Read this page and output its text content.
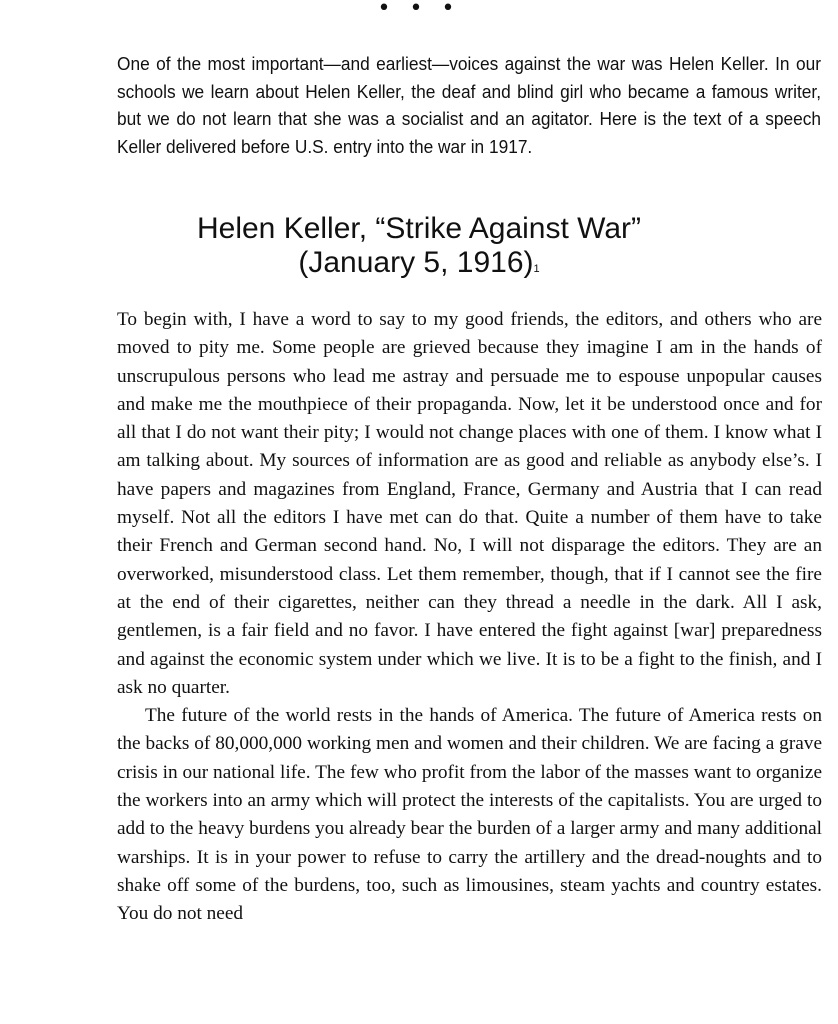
• • •

One of the most important—and earliest—voices against the war was Helen Keller. In our schools we learn about Helen Keller, the deaf and blind girl who became a famous writer, but we do not learn that she was a socialist and an agitator. Here is the text of a speech Keller delivered before U.S. entry into the war in 1917.

Helen Keller, “Strike Against War”
(January 5, 1916)$^1$

To begin with, I have a word to say to my good friends, the editors, and others who are moved to pity me. Some people are grieved because they imagine I am in the hands of unscrupulous persons who lead me astray and persuade me to espouse unpopular causes and make me the mouthpiece of their propaganda. Now, let it be understood once and for all that I do not want their pity; I would not change places with one of them. I know what I am talking about. My sources of information are as good and reliable as anybody else’s. I have papers and magazines from England, France, Germany and Austria that I can read myself. Not all the editors I have met can do that. Quite a number of them have to take their French and German second hand. No, I will not disparage the editors. They are an overworked, misunderstood class. Let them remember, though, that if I cannot see the fire at the end of their cigarettes, neither can they thread a needle in the dark. All I ask, gentlemen, is a fair field and no favor. I have entered the fight against [war] preparedness and against the economic system under which we live. It is to be a fight to the finish, and I ask no quarter.

The future of the world rests in the hands of America. The future of America rests on the backs of 80,000,000 working men and women and their children. We are facing a grave crisis in our national life. The few who profit from the labor of the masses want to organize the workers into an army which will protect the interests of the capitalists. You are urged to add to the heavy burdens you already bear the burden of a larger army and many additional warships. It is in your power to refuse to carry the artillery and the dread-noughts and to shake off some of the burdens, too, such as limousines, steam yachts and country estates. You do not need
